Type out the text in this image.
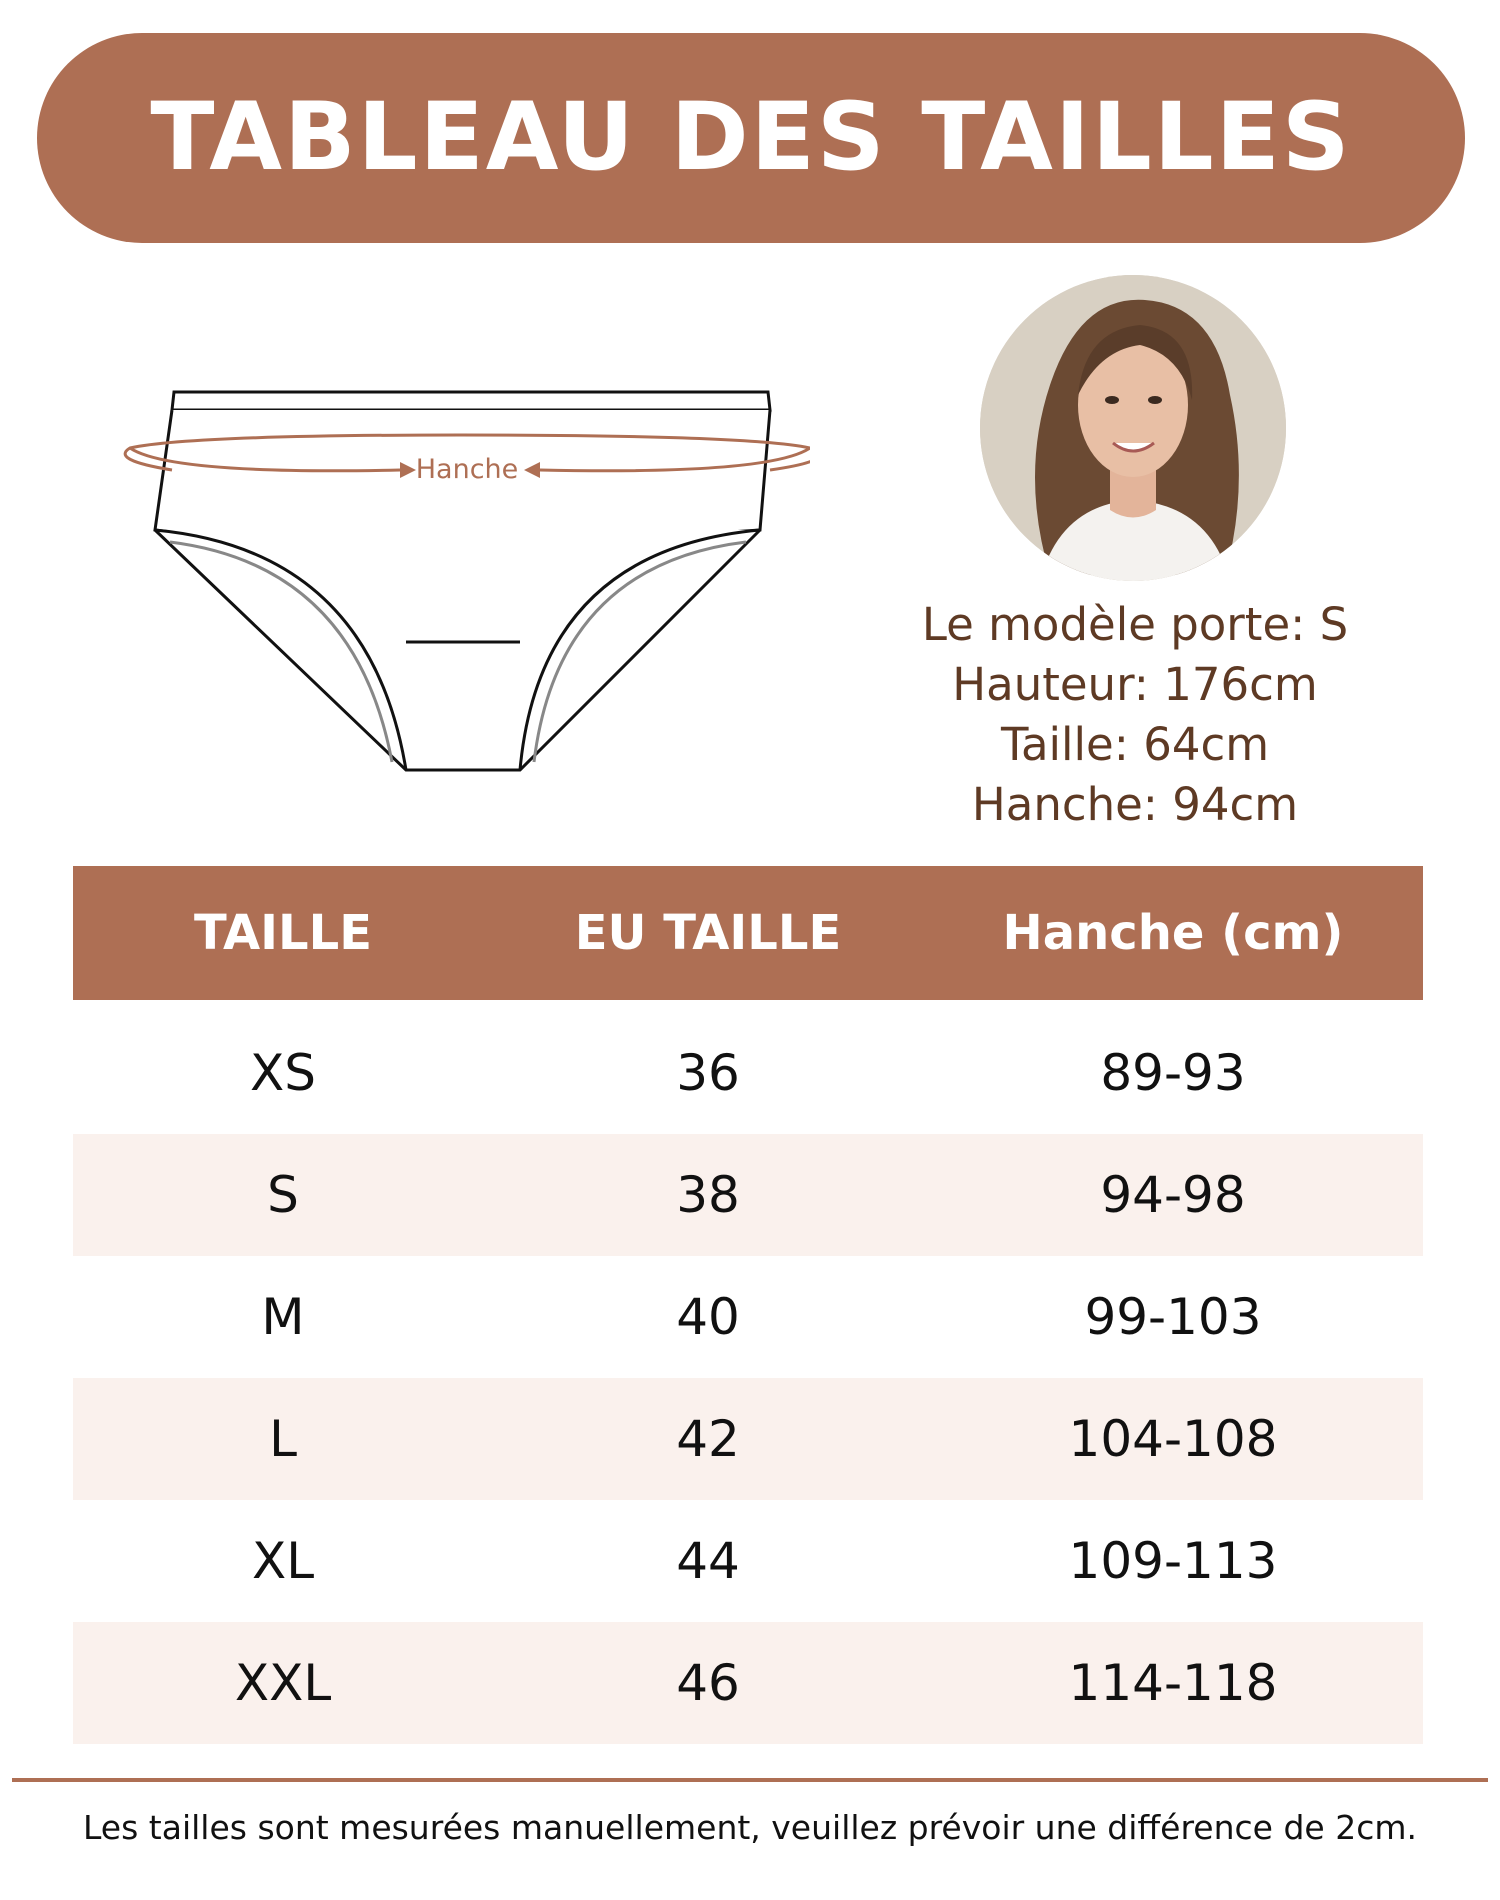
TABLEAU DES TAILLES
Hanche
Le modèle porte: S
Hauteur: 176cm
Taille: 64cm
Hanche: 94cm
TAILLE	EU TAILLE	Hanche (cm)
XS	36	89-93
S	38	94-98
M	40	99-103
L	42	104-108
XL	44	109-113
XXL	46	114-118
Les tailles sont mesurées manuellement, veuillez prévoir une différence de 2cm.
